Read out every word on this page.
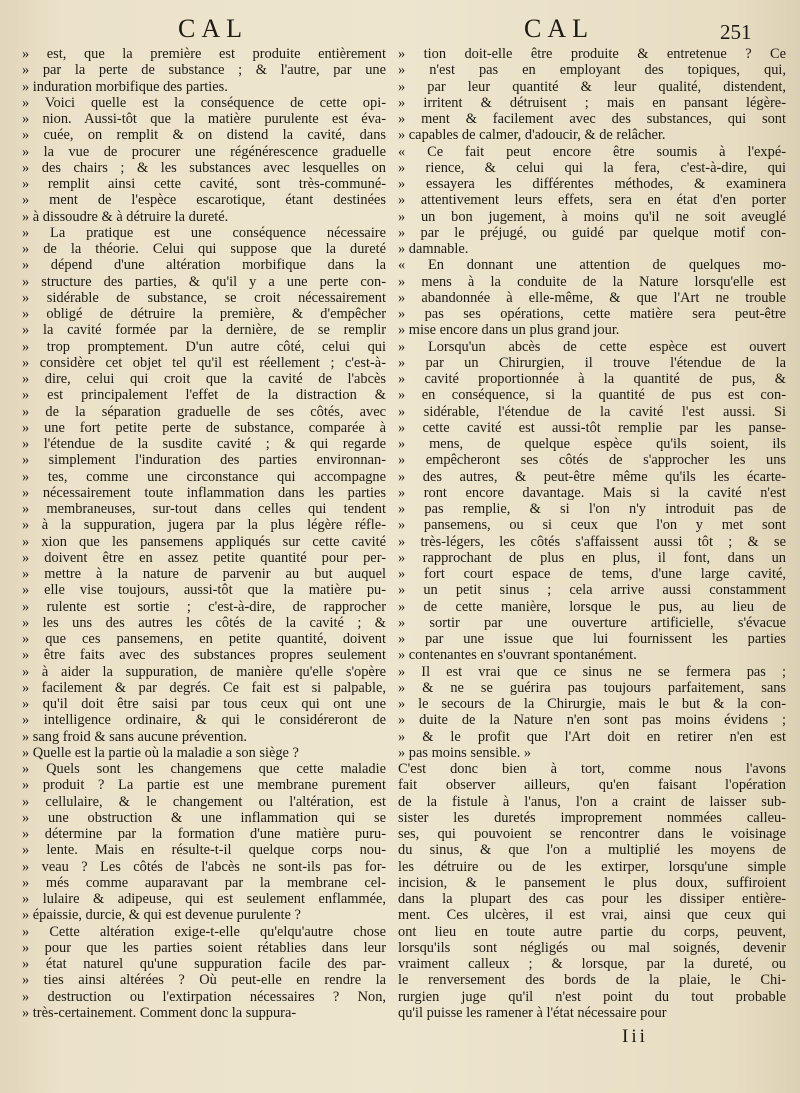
CAL	CAL	251
» est, que la première est produite entièrement
» par la perte de substance ; & l'autre, par une
» induration morbifique des parties.
» Voici quelle est la conséquence de cette opi-
» nion. Aussi-tôt que la matière purulente est éva-
» cuée, on remplit & on distend la cavité, dans
» la vue de procurer une régénérescence graduelle
» des chairs ; & les substances avec lesquelles on
» remplit ainsi cette cavité, sont très-communé-
» ment de l'espèce escarotique, étant destinées
» à dissoudre & à détruire la dureté.
» La pratique est une conséquence nécessaire
» de la théorie. Celui qui suppose que la dureté
» dépend d'une altération morbifique dans la
» structure des parties, & qu'il y a une perte con-
» sidérable de substance, se croit nécessairement
» obligé de détruire la première, & d'empêcher
» la cavité formée par la dernière, de se remplir
» trop promptement. D'un autre côté, celui qui
» considère cet objet tel qu'il est réellement ; c'est-à-
» dire, celui qui croit que la cavité de l'abcès
» est principalement l'effet de la distraction &
» de la séparation graduelle de ses côtés, avec
» une fort petite perte de substance, comparée à
» l'étendue de la susdite cavité ; & qui regarde
» simplement l'induration des parties environnan-
» tes, comme une circonstance qui accompagne
» nécessairement toute inflammation dans les parties
» membraneuses, sur-tout dans celles qui tendent
» à la suppuration, jugera par la plus légère réfle-
» xion que les pansemens appliqués sur cette cavité
» doivent être en assez petite quantité pour per-
» mettre à la nature de parvenir au but auquel
» elle vise toujours, aussi-tôt que la matière pu-
» rulente est sortie ; c'est-à-dire, de rapprocher
» les uns des autres les côtés de la cavité ; &
» que ces pansemens, en petite quantité, doivent
» être faits avec des substances propres seulement
» à aider la suppuration, de manière qu'elle s'opère
» facilement & par degrés. Ce fait est si palpable,
» qu'il doit être saisi par tous ceux qui ont une
» intelligence ordinaire, & qui le considéreront de
» sang froid & sans aucune prévention.
» Quelle est la partie où la maladie a son siège ?
» Quels sont les changemens que cette maladie
» produit ? La partie est une membrane purement
» cellulaire, & le changement ou l'altération, est
» une obstruction & une inflammation qui se
» détermine par la formation d'une matière puru-
» lente. Mais en résulte-t-il quelque corps nou-
» veau ? Les côtés de l'abcès ne sont-ils pas for-
» més comme auparavant par la membrane cel-
» lulaire & adipeuse, qui est seulement enflammée,
» épaissie, durcie, & qui est devenue purulente ?
» Cette altération exige-t-elle qu'elqu'autre chose
» pour que les parties soient rétablies dans leur
» état naturel qu'une suppuration facile des par-
» ties ainsi altérées ? Où peut-elle en rendre la
» destruction ou l'extirpation nécessaires ? Non,
» très-certainement. Comment donc la suppura-
» tion doit-elle être produite & entretenue ? Ce
» n'est pas en employant des topiques, qui,
» par leur quantité & leur qualité, distendent,
» irritent & détruisent ; mais en pansant légère-
» ment & facilement avec des substances, qui sont
» capables de calmer, d'adoucir, & de relâcher.
« Ce fait peut encore être soumis à l'expé-
» rience, & celui qui la fera, c'est-à-dire, qui
» essayera les différentes méthodes, & examinera
» attentivement leurs effets, sera en état d'en porter
» un bon jugement, à moins qu'il ne soit aveuglé
» par le préjugé, ou guidé par quelque motif con-
» damnable.
« En donnant une attention de quelques mo-
» mens à la conduite de la Nature lorsqu'elle est
» abandonnée à elle-même, & que l'Art ne trouble
» pas ses opérations, cette matière sera peut-être
» mise encore dans un plus grand jour.
» Lorsqu'un abcès de cette espèce est ouvert
» par un Chirurgien, il trouve l'étendue de la
» cavité proportionnée à la quantité de pus, &
» en conséquence, si la quantité de pus est con-
» sidérable, l'étendue de la cavité l'est aussi. Si
» cette cavité est aussi-tôt remplie par les panse-
» mens, de quelque espèce qu'ils soient, ils
» empêcheront ses côtés de s'approcher les uns
» des autres, & peut-être même qu'ils les écarte-
» ront encore davantage. Mais si la cavité n'est
» pas remplie, & si l'on n'y introduit pas de
» pansemens, ou si ceux que l'on y met sont
» très-légers, les côtés s'affaissent aussi tôt ; & se
» rapprochant de plus en plus, il font, dans un
» fort court espace de tems, d'une large cavité,
» un petit sinus ; cela arrive aussi constamment
» de cette manière, lorsque le pus, au lieu de
» sortir par une ouverture artificielle, s'évacue
» par une issue que lui fournissent les parties
» contenantes en s'ouvrant spontanément.
» Il est vrai que ce sinus ne se fermera pas ;
» & ne se guérira pas toujours parfaitement, sans
» le secours de la Chirurgie, mais le but & la con-
» duite de la Nature n'en sont pas moins évidens ;
» & le profit que l'Art doit en retirer n'en est
» pas moins sensible. »
C'est donc bien à tort, comme nous l'avons
fait observer ailleurs, qu'en faisant l'opération
de la fistule à l'anus, l'on a craint de laisser sub-
sister les duretés improprement nommées calleu-
ses, qui pouvoient se rencontrer dans le voisinage
du sinus, & que l'on a multiplié les moyens de
les détruire ou de les extirper, lorsqu'une simple
incision, & le pansement le plus doux, suffiroient
dans la plupart des cas pour les dissiper entière-
ment. Ces ulcères, il est vrai, ainsi que ceux qui
ont lieu en toute autre partie du corps, peuvent,
lorsqu'ils sont négligés ou mal soignés, devenir
vraiment calleux ; & lorsque, par la dureté, ou
le renversement des bords de la plaie, le Chi-
rurgien juge qu'il n'est point du tout probable
qu'il puisse les ramener à l'état nécessaire pour
Iii
